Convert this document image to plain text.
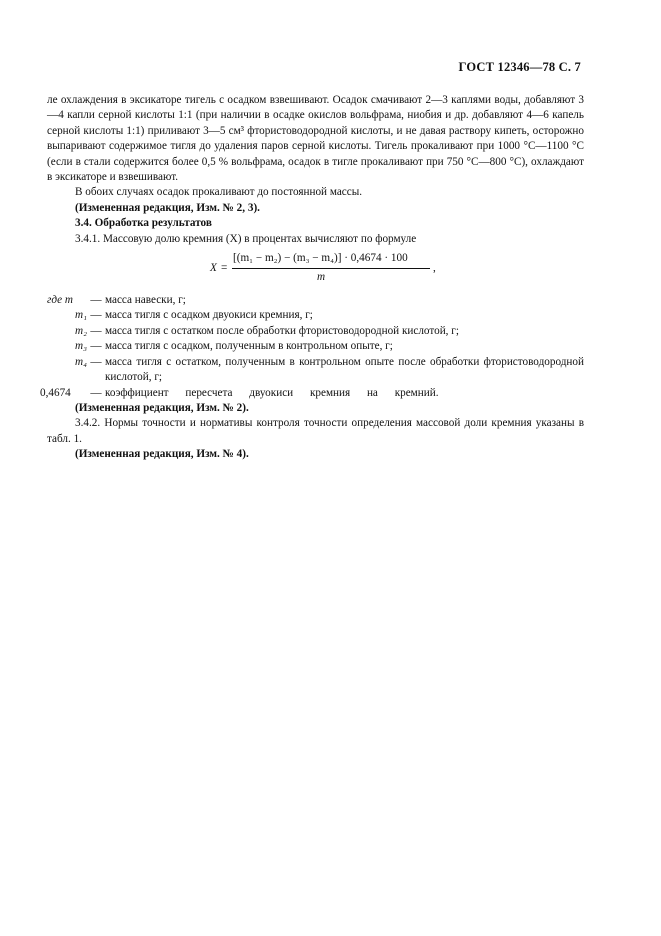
ГОСТ 12346—78 С. 7

ле охлаждения в эксикаторе тигель с осадком взвешивают. Осадок смачивают 2—3 каплями воды, добавляют 3—4 капли серной кислоты 1:1 (при наличии в осадке окислов вольфрама, ниобия и др. добавляют 4—6 капель серной кислоты 1:1) приливают 3—5 см³ фтористоводородной кислоты, и не давая раствору кипеть, осторожно выпаривают содержимое тигля до удаления паров серной кислоты. Тигель прокаливают при 1000 °С—1100 °С (если в стали содержится более 0,5 % вольфрама, осадок в тигле прокаливают при 750 °С—800 °С), охлаждают в эксикаторе и взвешивают.

В обоих случаях осадок прокаливают до постоянной массы.

(Измененная редакция, Изм. № 2, 3).

3.4. Обработка результатов

3.4.1. Массовую долю кремния (X) в процентах вычисляют по формуле

X =
[(m₁ − m₂) − (m₃ − m₄)] · 0,4674 · 100
m
,
где m	— масса навески, г;
m₁ — масса тигля с осадком двуокиси кремния, г;
m₂ — масса тигля с остатком после обработки фтористоводородной кислотой, г;
m₃ — масса тигля с осадком, полученным в контрольном опыте, г;
m₄ — масса тигля с остатком, полученным в контрольном опыте после обработки фтористоводородной кислотой, г;
0,4674	— коэффициент пересчета двуокиси кремния на кремний.

(Измененная редакция, Изм. № 2).

3.4.2. Нормы точности и нормативы контроля точности определения массовой доли кремния указаны в табл. 1.

(Измененная редакция, Изм. № 4).
